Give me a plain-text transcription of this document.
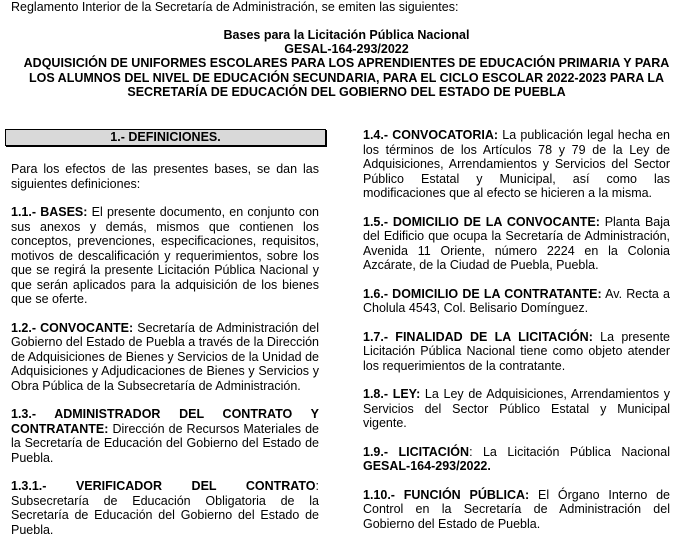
Reglamento Interior de la Secretaría de Administración, se emiten las siguientes:
Bases para la Licitación Pública Nacional
GESAL-164-293/2022
ADQUISICIÓN DE UNIFORMES ESCOLARES PARA LOS APRENDIENTES DE EDUCACIÓN PRIMARIA Y PARA
LOS ALUMNOS DEL NIVEL DE EDUCACIÓN SECUNDARIA, PARA EL CICLO ESCOLAR 2022-2023 PARA LA
SECRETARÍA DE EDUCACIÓN DEL GOBIERNO DEL ESTADO DE PUEBLA
1.- DEFINICIONES.

Para los efectos de las presentes bases, se dan las siguientes definiciones:

1.1.- BASES: El presente documento, en conjunto con sus anexos y demás, mismos que contienen los conceptos, prevenciones, especificaciones, requisitos, motivos de descalificación y requerimientos, sobre los que se regirá la presente Licitación Pública Nacional y que serán aplicados para la adquisición de los bienes que se oferte.

1.2.- CONVOCANTE: Secretaría de Administración del Gobierno del Estado de Puebla a través de la Dirección de Adquisiciones de Bienes y Servicios de la Unidad de Adquisiciones y Adjudicaciones de Bienes y Servicios y Obra Pública de la Subsecretaría de Administración.

1.3.- ADMINISTRADOR DEL CONTRATO Y CONTRATANTE: Dirección de Recursos Materiales de la Secretaría de Educación del Gobierno del Estado de Puebla.

1.3.1.- VERIFICADOR DEL CONTRATO: Subsecretaría de Educación Obligatoria de la Secretaría de Educación del Gobierno del Estado de Puebla.

1.4.- CONVOCATORIA: La publicación legal hecha en los términos de los Artículos 78 y 79 de la Ley de Adquisiciones, Arrendamientos y Servicios del Sector Público Estatal y Municipal, así como las modificaciones que al efecto se hicieren a la misma.

1.5.- DOMICILIO DE LA CONVOCANTE: Planta Baja del Edificio que ocupa la Secretaría de Administración, Avenida 11 Oriente, número 2224 en la Colonia Azcárate, de la Ciudad de Puebla, Puebla.

1.6.- DOMICILIO DE LA CONTRATANTE: Av. Recta a Cholula 4543, Col. Belisario Domínguez.

1.7.- FINALIDAD DE LA LICITACIÓN: La presente Licitación Pública Nacional tiene como objeto atender los requerimientos de la contratante.

1.8.- LEY: La Ley de Adquisiciones, Arrendamientos y Servicios del Sector Público Estatal y Municipal vigente.

1.9.- LICITACIÓN: La Licitación Pública Nacional GESAL-164-293/2022.

1.10.- FUNCIÓN PÚBLICA: El Órgano Interno de Control en la Secretaría de Administración del Gobierno del Estado de Puebla.
